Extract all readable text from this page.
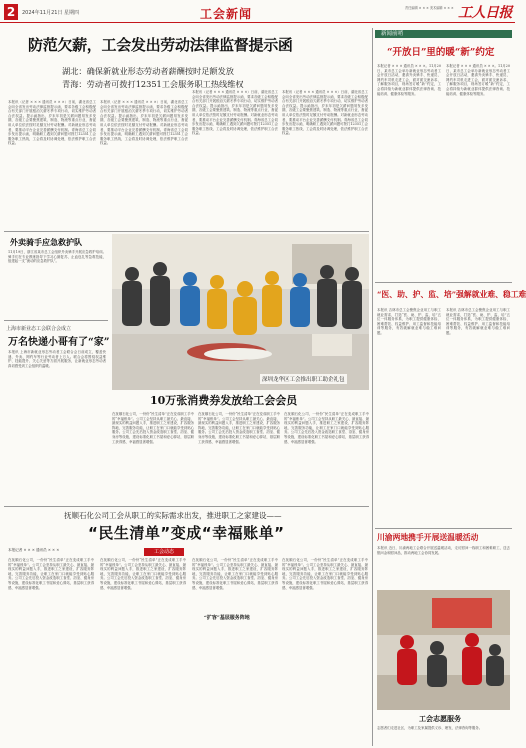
2	2024年11月21日 星期四	工会新闻	责任编辑 × × × 美术编辑 × × × 工人日报
防范欠薪，工会发出劳动法律监督提示函
湖北：确保新就业形态劳动者薪酬按时足额发放
青海：劳动者可拨打12351工会服务职工热线维权
本报讯（记者 × × × 通讯员 × × ×）日前，湖北省总工会向全省发出劳动法律监督提示函，要求各级工会积极配合有关部门开展根治欠薪冬季专项行动，切实维护劳动者合法权益。提示函指出，岁末年初是欠薪问题易发多发期，各级工会要聚焦建筑、制造、物流等重点行业，督促用人单位依法按时足额支付劳动报酬。对新就业形态劳动者，要推动平台企业完善薪酬支付机制。青海省总工会同步发出提示函，明确职工遇到欠薪问题可拨打12351工会服务职工热线，工会将及时协调处理，依法维护职工合法权益。
本报讯（记者 × × × 通讯员 × × ×）日前，湖北省总工会向全省发出劳动法律监督提示函，要求各级工会积极配合有关部门开展根治欠薪冬季专项行动，切实维护劳动者合法权益。提示函指出，岁末年初是欠薪问题易发多发期，各级工会要聚焦建筑、制造、物流等重点行业，督促用人单位依法按时足额支付劳动报酬。对新就业形态劳动者，要推动平台企业完善薪酬支付机制。青海省总工会同步发出提示函，明确职工遇到欠薪问题可拨打12351工会服务职工热线，工会将及时协调处理，依法维护职工合法权益。
本报讯（记者 × × × 通讯员 × × ×）日前，湖北省总工会向全省发出劳动法律监督提示函，要求各级工会积极配合有关部门开展根治欠薪冬季专项行动，切实维护劳动者合法权益。提示函指出，岁末年初是欠薪问题易发多发期，各级工会要聚焦建筑、制造、物流等重点行业，督促用人单位依法按时足额支付劳动报酬。对新就业形态劳动者，要推动平台企业完善薪酬支付机制。青海省总工会同步发出提示函，明确职工遇到欠薪问题可拨打12351工会服务职工热线，工会将及时协调处理，依法维护职工合法权益。
本报讯（记者 × × × 通讯员 × × ×）日前，湖北省总工会向全省发出劳动法律监督提示函，要求各级工会积极配合有关部门开展根治欠薪冬季专项行动，切实维护劳动者合法权益。提示函指出，岁末年初是欠薪问题易发多发期，各级工会要聚焦建筑、制造、物流等重点行业，督促用人单位依法按时足额支付劳动报酬。对新就业形态劳动者，要推动平台企业完善薪酬支付机制。青海省总工会同步发出提示函，明确职工遇到欠薪问题可拨打12351工会服务职工热线，工会将及时协调处理，依法维护职工合法权益。
外卖骑手应急救护队
11月19日，浙江省某市总工会组织外卖骑手开展应急救护培训。骑手们在专业教练指导下学习心肺复苏、止血包扎等急救技能，组建起一支“流动的应急救护队”。
上海市新业态工会联合会成立
万名快递小哥有了“家”
本报讯 上海市新就业形态劳动者工会联合会日前成立，覆盖快递、外卖、网约车等行业劳动者上万人。联合会将围绕权益维护、技能提升、关心关爱等方面开展服务，让新就业形态劳动者真切感受到工会组织的温暖。
深圳龙华区工会推出职工助企礼包
10万张消费券发放给工会会员
在抚顺石化公司，一份份“民生清单”正在变成职工手中的“幸福账单”。公司工会坚持从职工最关心、最直接、最现实的利益问题入手，推进职工之家建设，扩容服务阵地，完善服务功能，让职工在家门口就能享受到贴心服务。公司工会先后投入资金改造职工食堂、浴室、健身房等设施，建设标准化职工书屋和爱心驿站，基层职工获得感、幸福感显著增强。
在抚顺石化公司，一份份“民生清单”正在变成职工手中的“幸福账单”。公司工会坚持从职工最关心、最直接、最现实的利益问题入手，推进职工之家建设，扩容服务阵地，完善服务功能，让职工在家门口就能享受到贴心服务。公司工会先后投入资金改造职工食堂、浴室、健身房等设施，建设标准化职工书屋和爱心驿站，基层职工获得感、幸福感显著增强。
在抚顺石化公司，一份份“民生清单”正在变成职工手中的“幸福账单”。公司工会坚持从职工最关心、最直接、最现实的利益问题入手，推进职工之家建设，扩容服务阵地，完善服务功能，让职工在家门口就能享受到贴心服务。公司工会先后投入资金改造职工食堂、浴室、健身房等设施，建设标准化职工书屋和爱心驿站，基层职工获得感、幸福感显著增强。
抚顺石化公司工会从职工的实际需求出发，推进职工之家建设——
“民生清单”变成“幸福账单”
本报记者 × × × 通讯员 × × ×
在抚顺石化公司，一份份“民生清单”正在变成职工手中的“幸福账单”。公司工会坚持从职工最关心、最直接、最现实的利益问题入手，推进职工之家建设，扩容服务阵地，完善服务功能，让职工在家门口就能享受到贴心服务。公司工会先后投入资金改造职工食堂、浴室、健身房等设施，建设标准化职工书屋和爱心驿站，基层职工获得感、幸福感显著增强。
工会动态
在抚顺石化公司，一份份“民生清单”正在变成职工手中的“幸福账单”。公司工会坚持从职工最关心、最直接、最现实的利益问题入手，推进职工之家建设，扩容服务阵地，完善服务功能，让职工在家门口就能享受到贴心服务。公司工会先后投入资金改造职工食堂、浴室、健身房等设施，建设标准化职工书屋和爱心驿站，基层职工获得感、幸福感显著增强。
“扩容”基层服务阵地
在抚顺石化公司，一份份“民生清单”正在变成职工手中的“幸福账单”。公司工会坚持从职工最关心、最直接、最现实的利益问题入手，推进职工之家建设，扩容服务阵地，完善服务功能，让职工在家门口就能享受到贴心服务。公司工会先后投入资金改造职工食堂、浴室、健身房等设施，建设标准化职工书屋和爱心驿站，基层职工获得感、幸福感显著增强。
在抚顺石化公司，一份份“民生清单”正在变成职工手中的“幸福账单”。公司工会坚持从职工最关心、最直接、最现实的利益问题入手，推进职工之家建设，扩容服务阵地，完善服务功能，让职工在家门口就能享受到贴心服务。公司工会先后投入资金改造职工食堂、浴室、健身房等设施，建设标准化职工书屋和爱心驿站，基层职工获得感、幸福感显著增强。
新闻前哨
“开放日”里的暖“新”约定
本报记者 × × × 通讯员 × × ×。11月20日，某市总工会举办新就业形态劳动者工会开放日活动，邀请外卖骑手、快递员、网约车司机走进工会，面对面交流诉求、了解服务项目，现场签订暖“新”约定，工会将持续为新就业群体提供法律咨询、技能培训、健康体检等服务。
本报记者 × × × 通讯员 × × ×。11月20日，某市总工会举办新就业形态劳动者工会开放日活动，邀请外卖骑手、快递员、网约车司机走进工会，面对面交流诉求、了解服务项目，现场签订暖“新”约定，工会将持续为新就业群体提供法律咨询、技能培训、健康体检等服务。
“医、助、护、监、培”强解就业难、稳工难
本报讯 吉林市总工会聚焦企业用工与职工就业需求，打造“医、助、护、监、培”五位一体服务体系，为职工提供健康体检、困难帮扶、权益维护、用工监督和技能培训等服务，有效破解就业难与稳工难问题。
本报讯 吉林市总工会聚焦企业用工与职工就业需求，打造“医、助、护、监、培”五位一体服务体系，为职工提供健康体检、困难帮扶、权益维护、用工监督和技能培训等服务，有效破解就业难与稳工难问题。
川渝两地携手开展送温暖活动
本报讯 近日，川渝两地工会联合开展送温暖活动，走访慰问一线职工和困难职工，送去慰问金和慰问品，推动两地工会协同发展。
工会志愿服务
志愿者们走进社区，为职工及家属提供义诊、理发、法律咨询等服务。
